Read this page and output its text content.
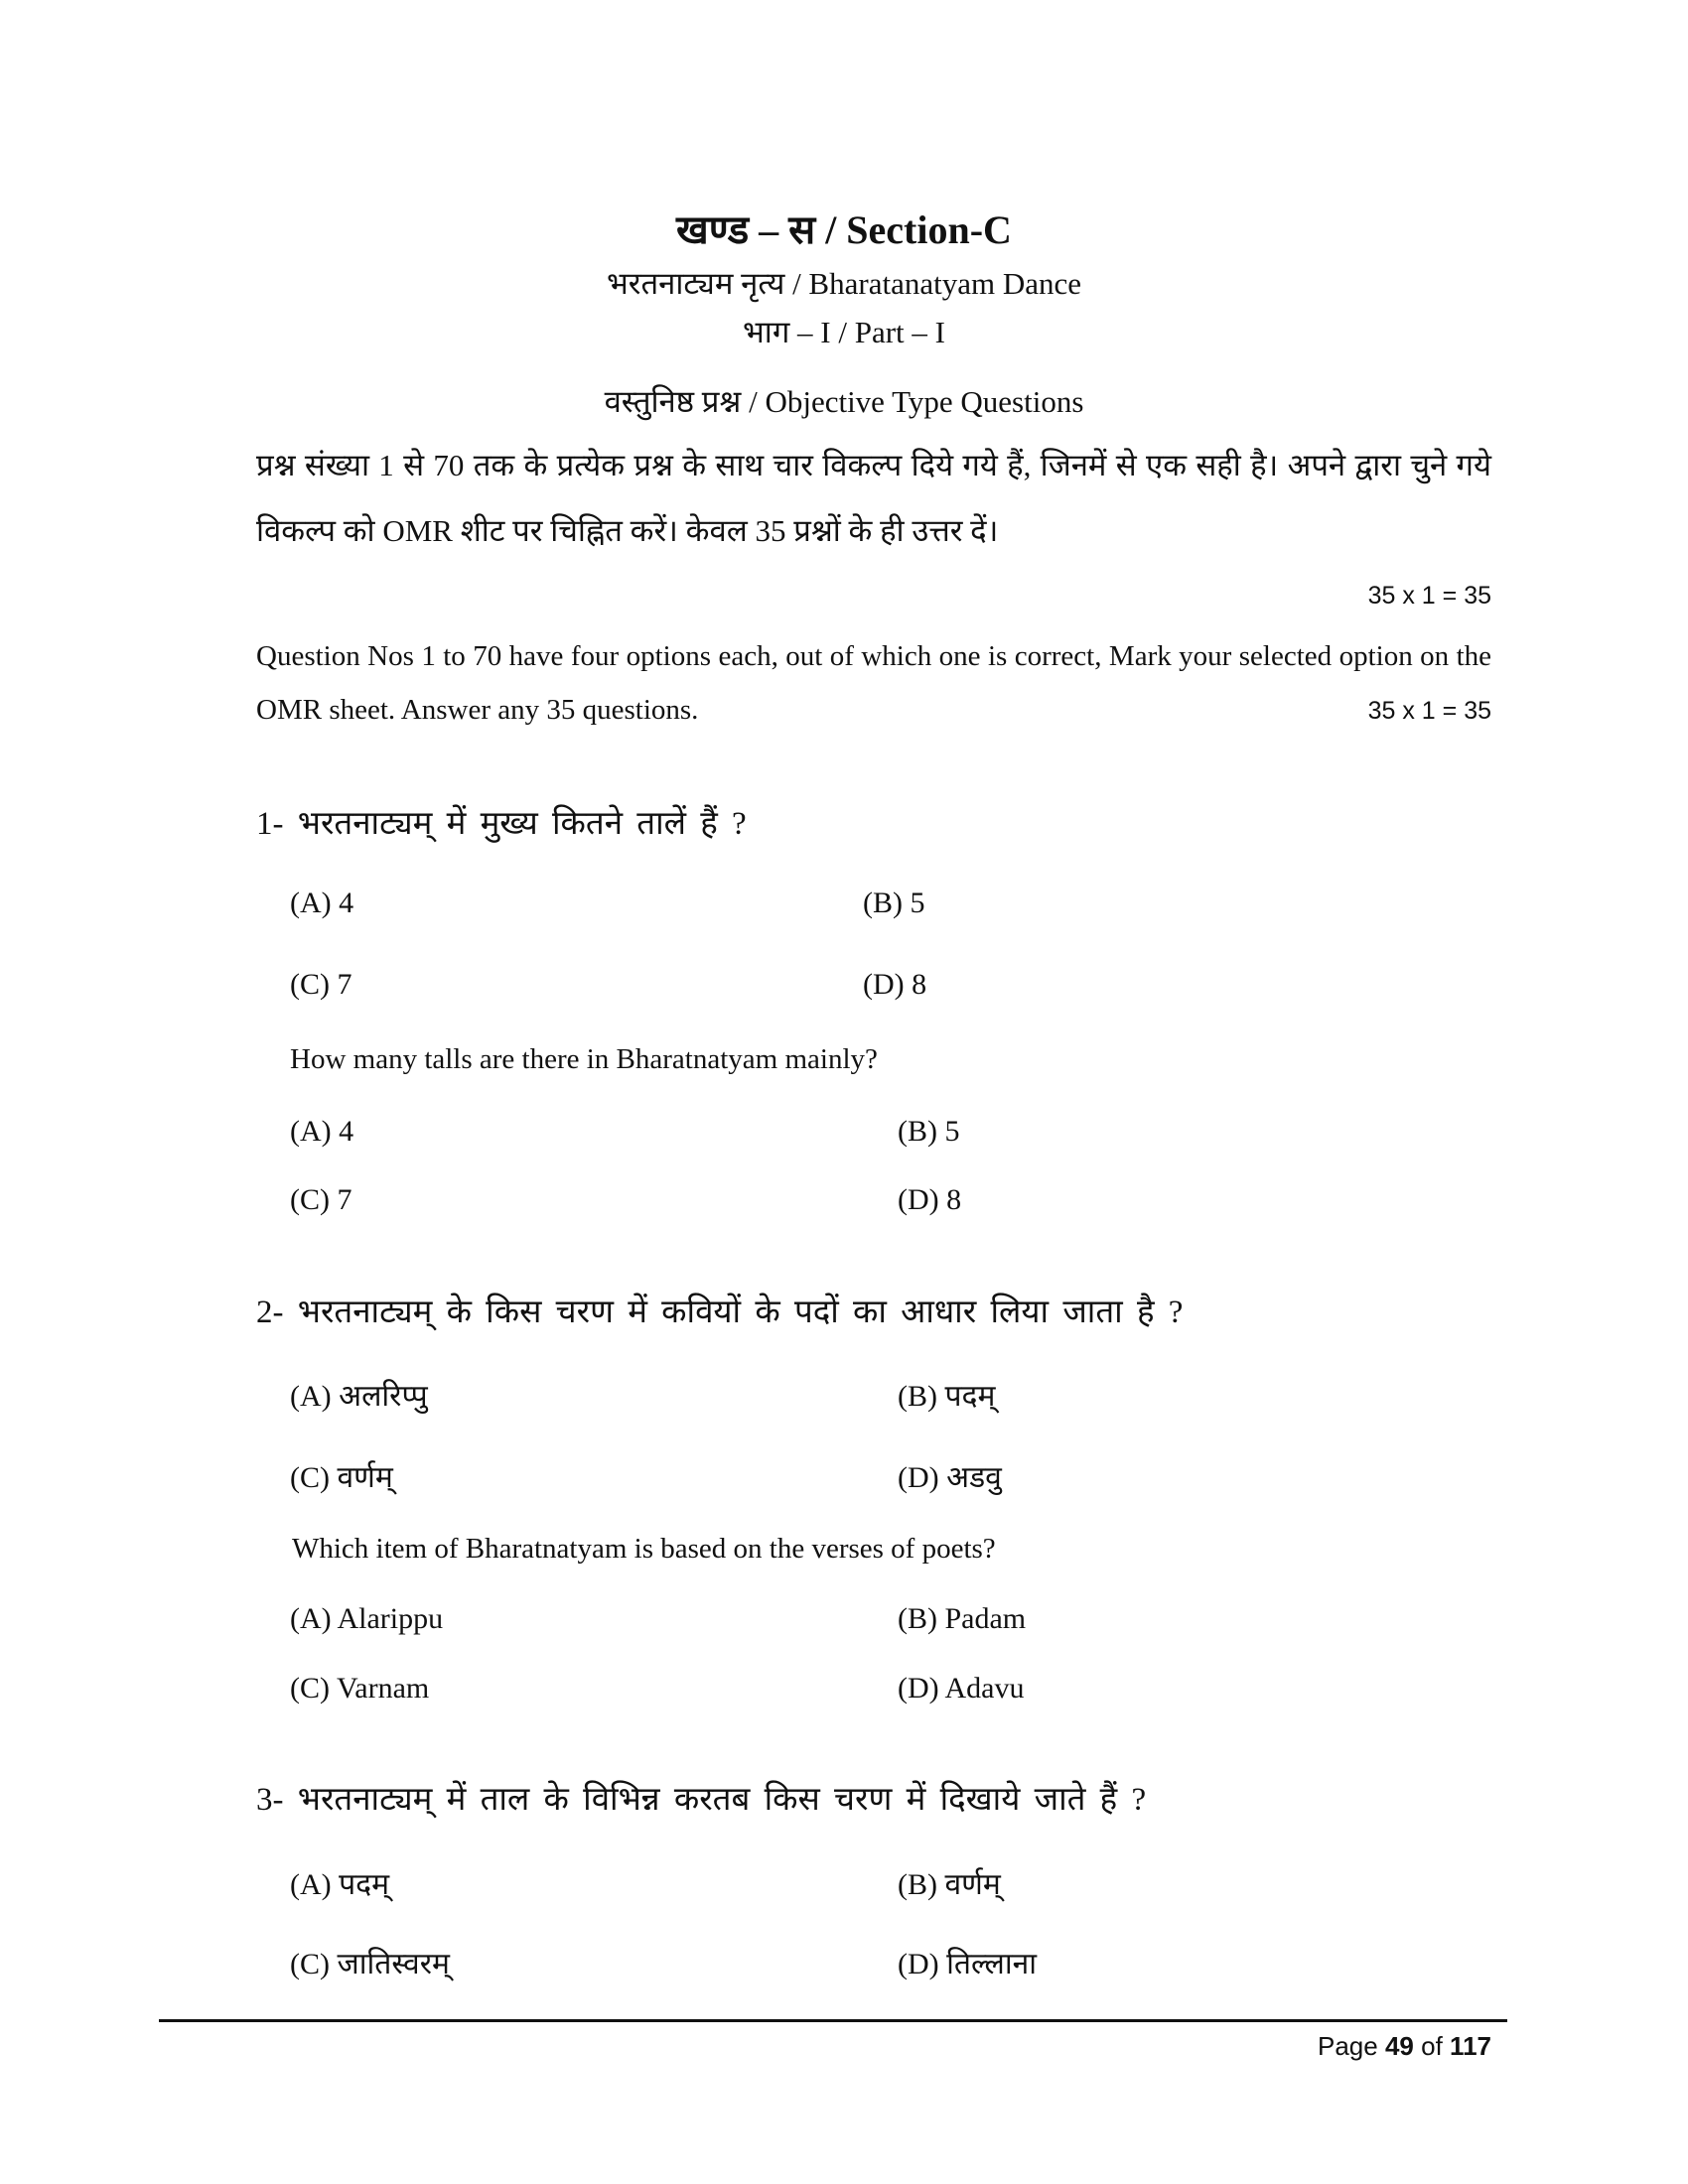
खण्ड – स / Section-C
भरतनाट्यम नृत्य / Bharatanatyam Dance
भाग – I / Part – I
वस्तुनिष्ठ प्रश्न / Objective Type Questions
प्रश्न संख्या 1 से 70 तक के प्रत्येक प्रश्न के साथ चार विकल्प दिये गये हैं, जिनमें से एक सही है। अपने द्वारा चुने गये विकल्प को OMR शीट पर चिह्नित करें। केवल 35 प्रश्नों के ही उत्तर दें।
35 x 1 = 35
Question Nos 1 to 70 have four options each, out of which one is correct, Mark your selected option on the OMR sheet. Answer any 35 questions.	35 x 1 = 35
1- भरतनाट्यम् में मुख्य कितने तालें हैं ?
(A) 4	(B) 5
(C) 7	(D) 8
How many talls are there in Bharatnatyam mainly?
(A) 4	(B) 5
(C) 7	(D) 8
2- भरतनाट्यम् के किस चरण में कवियों के पदों का आधार लिया जाता है ?
(A) अलरिप्पु	(B) पदम्
(C) वर्णम्	(D) अडवु
Which item of Bharatnatyam is based on the verses of poets?
(A) Alarippu	(B) Padam
(C) Varnam	(D) Adavu
3- भरतनाट्यम् में ताल के विभिन्न करतब किस चरण में दिखाये जाते हैं ?
(A) पदम्	(B) वर्णम्
(C) जातिस्वरम्	(D) तिल्लाना
Page 49 of 117
